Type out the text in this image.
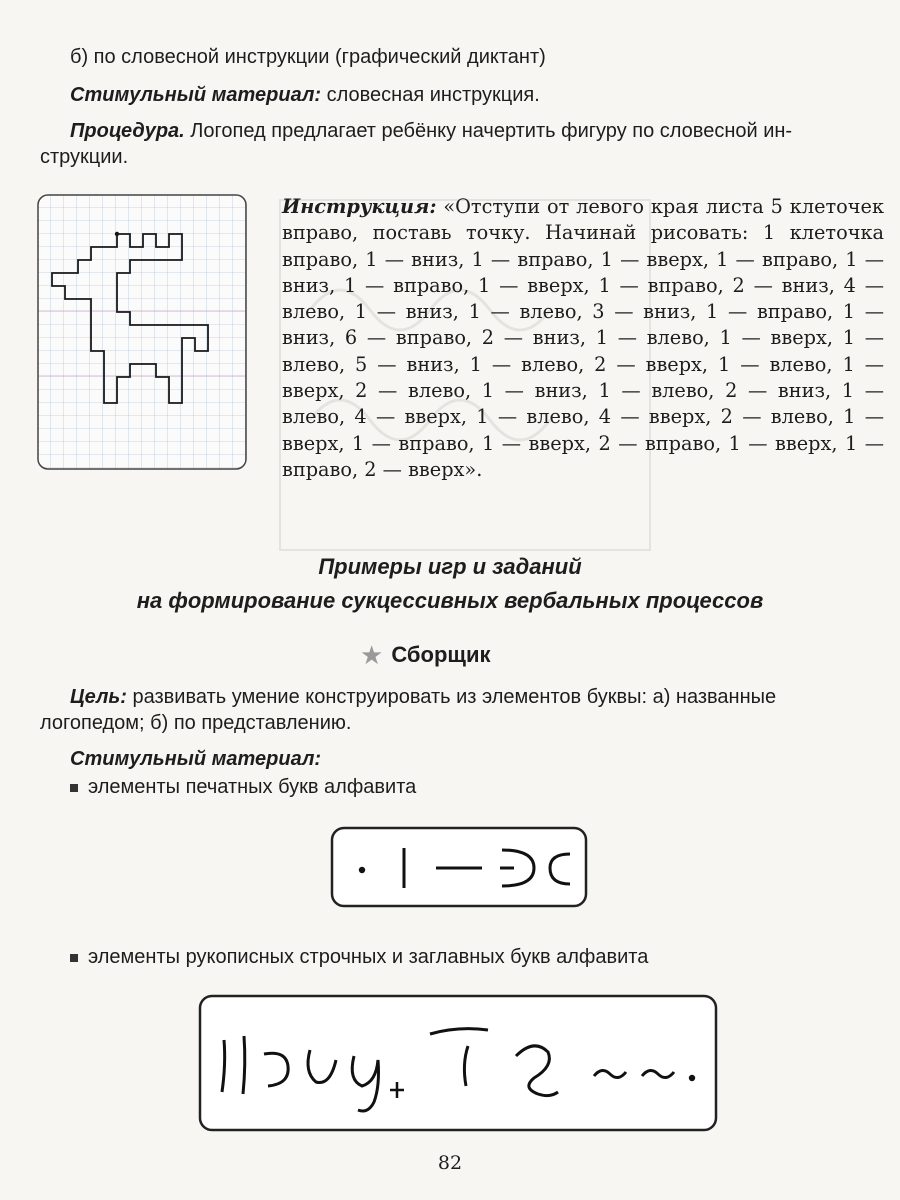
б) по словесной инструкции (графический диктант)
Стимульный материал: словесная инструкция.
Процедура. Логопед предлагает ребёнку начертить фигуру по словесной ин-
струкции.
Инструкция: «Отступи от левого края листа 5 клеточек вправо, поставь точку. Начинай рисовать: 1 клеточка вправо, 1 — вниз, 1 — вправо, 1 — вверх, 1 — вправо, 1 — вниз, 1 — вправо, 1 — вверх, 1 — вправо, 2 — вниз, 4 — влево, 1 — вниз, 1 — влево, 3 — вниз, 1 — вправо, 1 — вниз, 6 — вправо, 2 — вниз, 1 — влево, 1 — вверх, 1 — влево, 5 — вниз, 1 — влево, 2 — вверх, 1 — влево, 1 — вверх, 2 — влево, 1 — вниз, 1 — влево, 2 — вниз, 1 — влево, 4 — вверх, 1 — влево, 4 — вверх, 2 — влево, 1 — вверх, 1 — вправо, 1 — вверх, 2 — вправо, 1 — вверх, 1 — вправо, 2 — вверх».
Примеры игр и заданий
на формирование сукцессивных вербальных процессов
★ Сборщик
Цель: развивать умение конструировать из элементов буквы: а) названные
логопедом; б) по представлению.
Стимульный материал:
элементы печатных букв алфавита
элементы рукописных строчных и заглавных букв алфавита
82
